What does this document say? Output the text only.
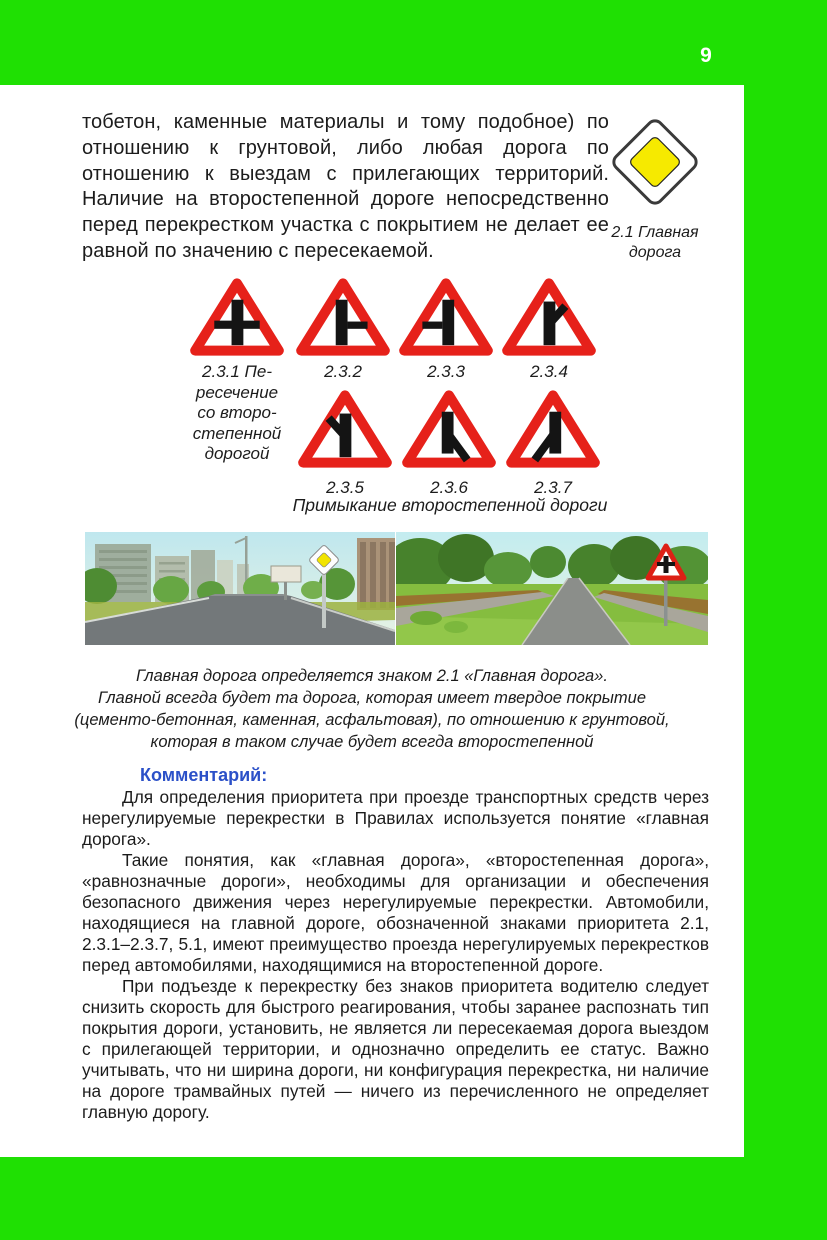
9

тобетон, каменные материалы и тому подобное) по отношению к грунтовой, либо любая дорога по отношению к выездам с прилегающих территорий. Наличие на второстепенной дороге непосредственно перед перекрестком участка с покрытием не делает ее равной по значению с пересекаемой.

2.1 Главная дорога
2.3.1 Пе-
ресечение
со второ-
степенной
дорогой
2.3.2	2.3.3	2.3.4
2.3.5	2.3.6	2.3.7
Примыкание второстепенной дороги
Главная дорога определяется знаком 2.1 «Главная дорога».
Главной всегда будет та дорога, которая имеет твердое покрытие
(цементо-бетонная, каменная, асфальтовая), по отношению к грунтовой,
которая в таком случае будет всегда второстепенной
Комментарий:

Для определения приоритета при проезде транспортных средств через нерегулируемые перекрестки в Правилах используется понятие «главная дорога».

Такие понятия, как «главная дорога», «второстепенная дорога», «равнозначные дороги», необходимы для организации и обеспечения безопасного движения через нерегулируемые перекрестки. Автомобили, находящиеся на главной дороге, обозначенной знаками приоритета 2.1, 2.3.1–2.3.7, 5.1, имеют преимущество проезда нерегулируемых перекрестков перед автомобилями, находящимися на второстепенной дороге.

При подъезде к перекрестку без знаков приоритета водителю следует снизить скорость для быстрого реагирования, чтобы заранее распознать тип покрытия дороги, установить, не является ли пересекаемая дорога выездом с прилегающей территории, и однозначно определить ее статус. Важно учитывать, что ни ширина дороги, ни конфигурация перекрестка, ни наличие на дороге трамвайных путей — ничего из перечисленного не определяет главную дорогу.
